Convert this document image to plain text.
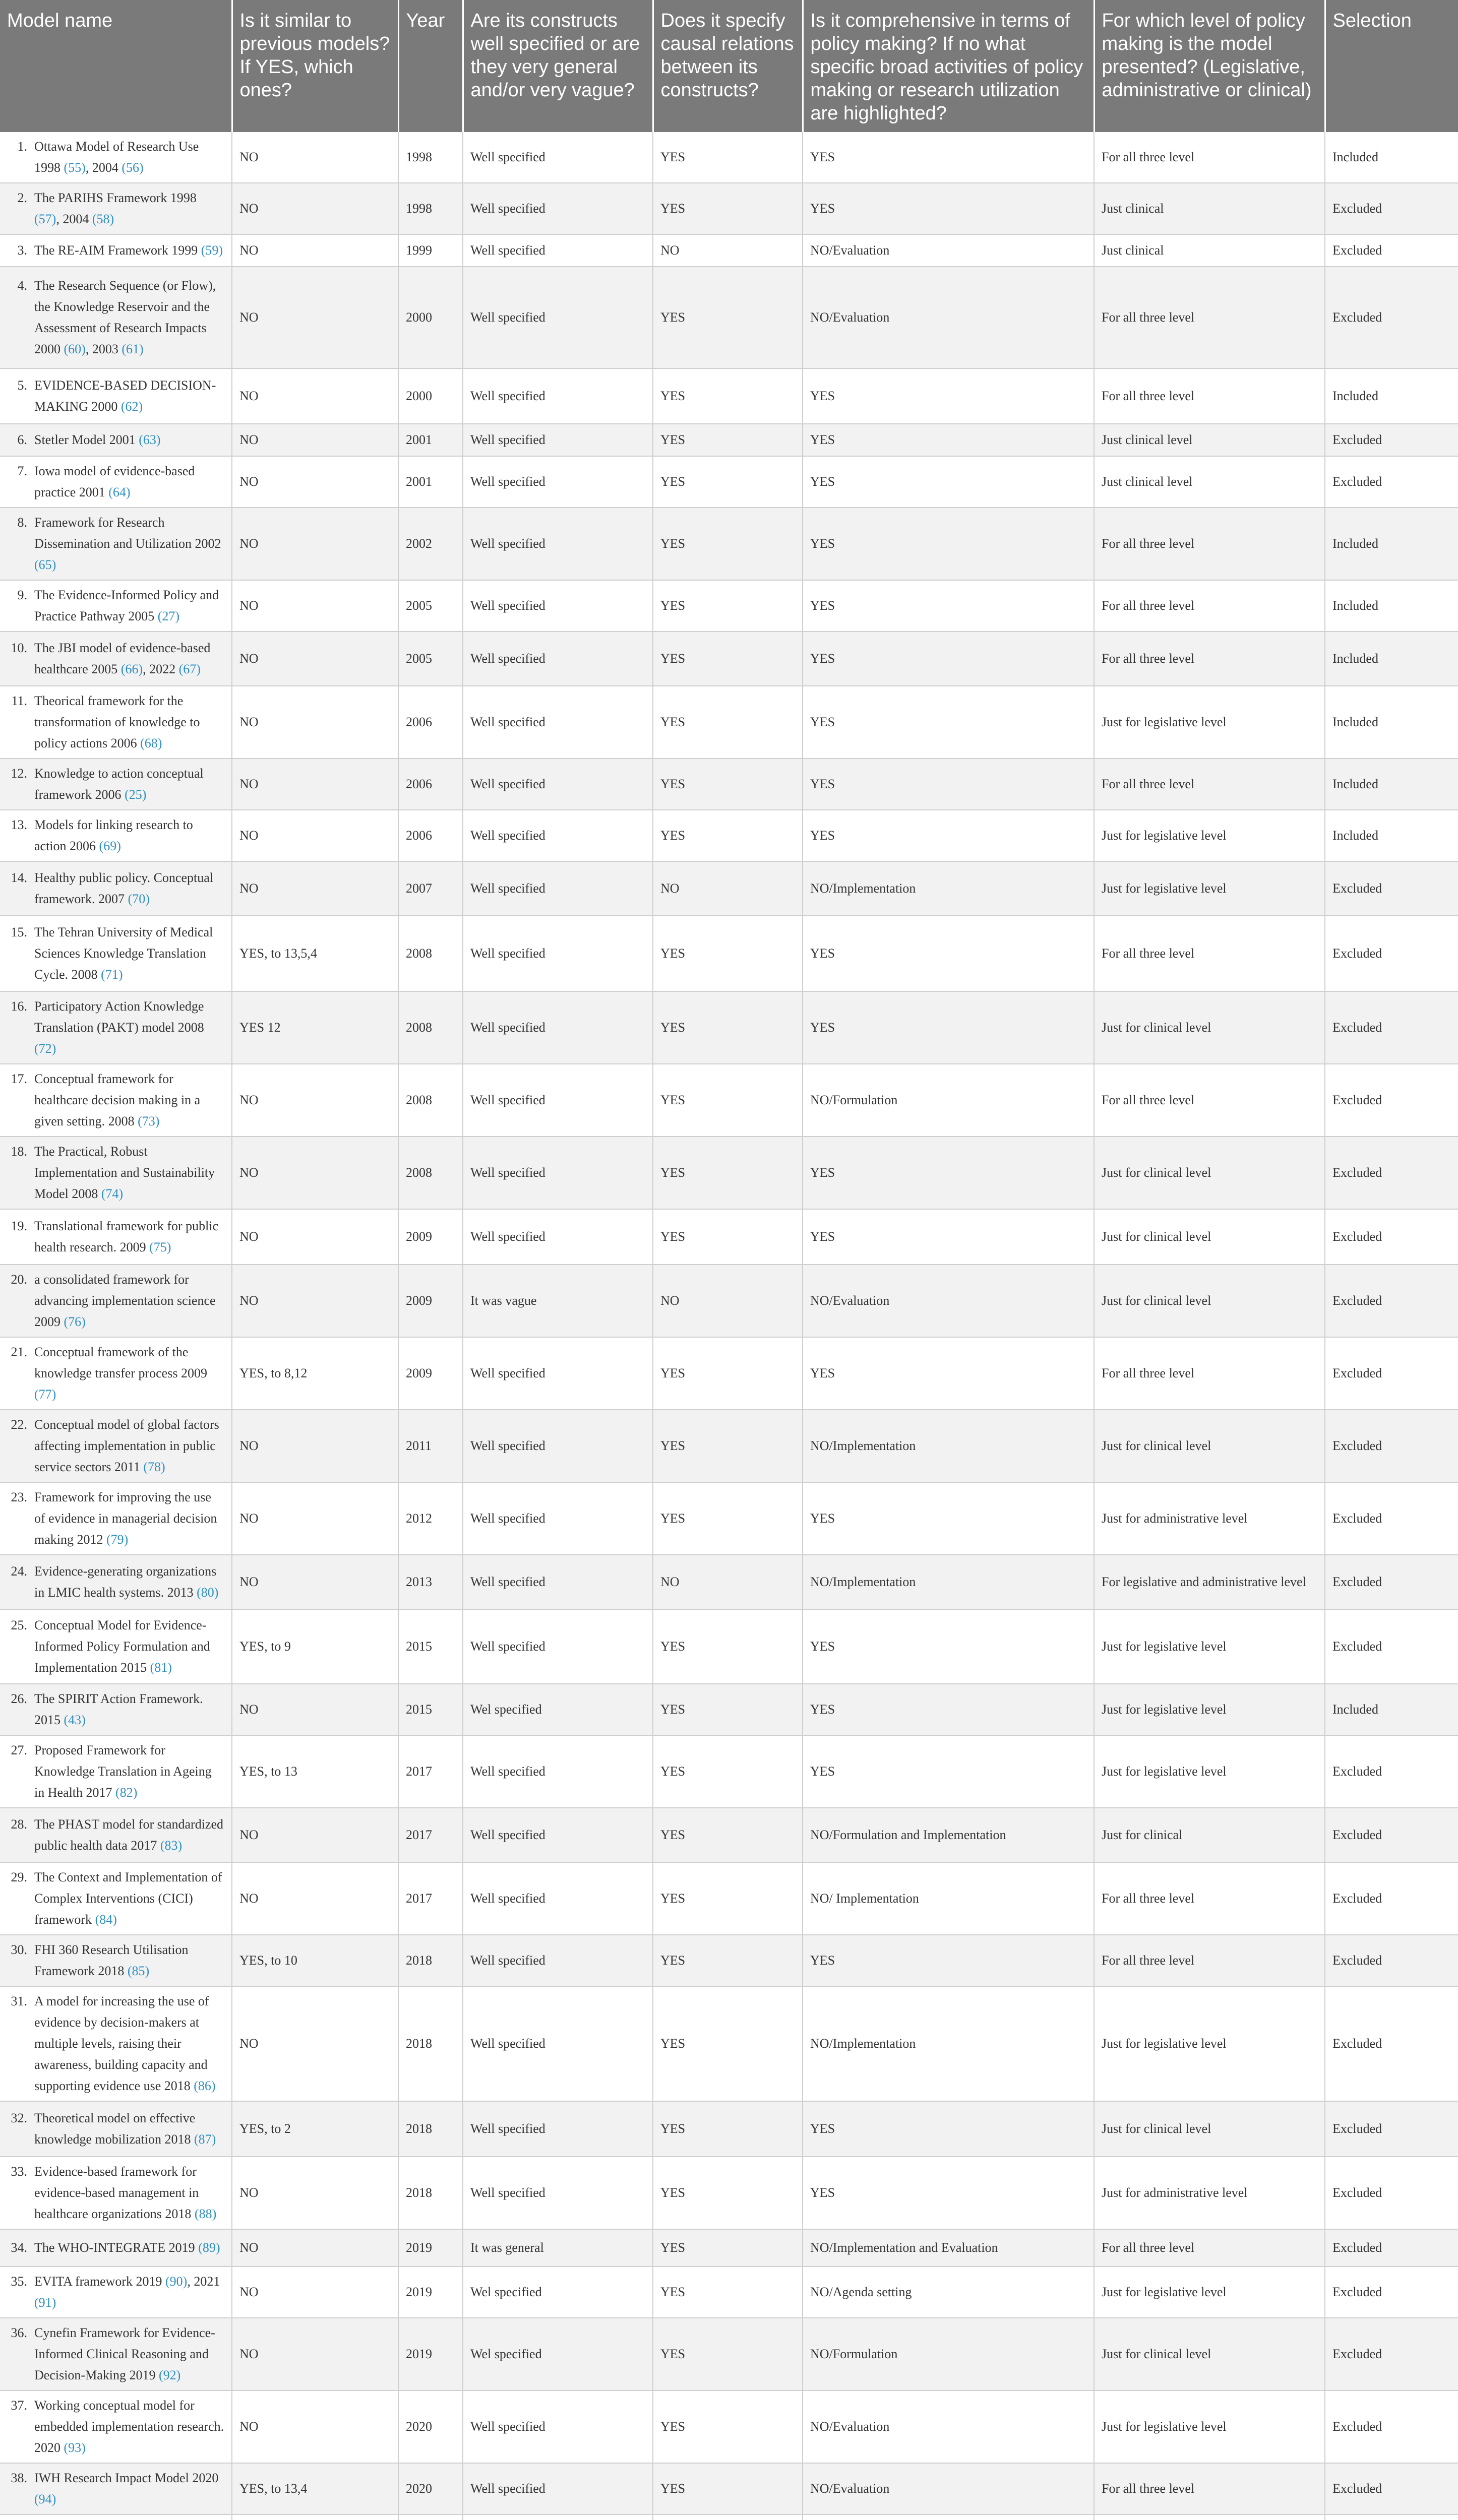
Model name	Is it similar to previous models? If YES, which ones?	Year	Are its constructs well specified or are they very general and/or very vague?	Does it specify causal relations between its constructs?	Is it comprehensive in terms of policy making? If no what specific broad activities of policy making or research utilization are highlighted?	For which level of policy making is the model presented? (Legislative, administrative or clinical)	Selection

1. Ottawa Model of Research Use 1998 (55), 2004 (56)	NO	1998	Well specified	YES	YES	For all three level	Included

2. The PARIHS Framework 1998 (57), 2004 (58)	NO	1998	Well specified	YES	YES	Just clinical	Excluded

3. The RE-AIM Framework 1999 (59)	NO	1999	Well specified	NO	NO/Evaluation	Just clinical	Excluded

4. The Research Sequence (or Flow), the Knowledge Reservoir and the Assessment of Research Impacts 2000 (60), 2003 (61)	NO	2000	Well specified	YES	NO/Evaluation	For all three level	Excluded

5. EVIDENCE-BASED DECISION-MAKING 2000 (62)	NO	2000	Well specified	YES	YES	For all three level	Included

6. Stetler Model 2001 (63)	NO	2001	Well specified	YES	YES	Just clinical level	Excluded

7. Iowa model of evidence-based practice 2001 (64)	NO	2001	Well specified	YES	YES	Just clinical level	Excluded

8. Framework for Research Dissemination and Utilization 2002 (65)	NO	2002	Well specified	YES	YES	For all three level	Included

9. The Evidence-Informed Policy and Practice Pathway 2005 (27)	NO	2005	Well specified	YES	YES	For all three level	Included

10. The JBI model of evidence-based healthcare 2005 (66), 2022 (67)	NO	2005	Well specified	YES	YES	For all three level	Included

11. Theorical framework for the transformation of knowledge to policy actions 2006 (68)	NO	2006	Well specified	YES	YES	Just for legislative level	Included

12. Knowledge to action conceptual framework 2006 (25)	NO	2006	Well specified	YES	YES	For all three level	Included

13. Models for linking research to action 2006 (69)	NO	2006	Well specified	YES	YES	Just for legislative level	Included

14. Healthy public policy. Conceptual framework. 2007 (70)	NO	2007	Well specified	NO	NO/Implementation	Just for legislative level	Excluded

15. The Tehran University of Medical Sciences Knowledge Translation Cycle. 2008 (71)	YES, to 13,5,4	2008	Well specified	YES	YES	For all three level	Excluded

16. Participatory Action Knowledge Translation (PAKT) model 2008 (72)	YES 12	2008	Well specified	YES	YES	Just for clinical level	Excluded

17. Conceptual framework for healthcare decision making in a given setting. 2008 (73)	NO	2008	Well specified	YES	NO/Formulation	For all three level	Excluded

18. The Practical, Robust Implementation and Sustainability Model 2008 (74)	NO	2008	Well specified	YES	YES	Just for clinical level	Excluded

19. Translational framework for public health research. 2009 (75)	NO	2009	Well specified	YES	YES	Just for clinical level	Excluded

20. a consolidated framework for advancing implementation science 2009 (76)	NO	2009	It was vague	NO	NO/Evaluation	Just for clinical level	Excluded

21. Conceptual framework of the knowledge transfer process 2009 (77)	YES, to 8,12	2009	Well specified	YES	YES	For all three level	Excluded

22. Conceptual model of global factors affecting implementation in public service sectors 2011 (78)	NO	2011	Well specified	YES	NO/Implementation	Just for clinical level	Excluded

23. Framework for improving the use of evidence in managerial decision making 2012 (79)	NO	2012	Well specified	YES	YES	Just for administrative level	Excluded

24. Evidence-generating organizations in LMIC health systems. 2013 (80)	NO	2013	Well specified	NO	NO/Implementation	For legislative and administrative level	Excluded

25. Conceptual Model for Evidence-Informed Policy Formulation and Implementation 2015 (81)	YES, to 9	2015	Well specified	YES	YES	Just for legislative level	Excluded

26. The SPIRIT Action Framework. 2015 (43)	NO	2015	Wel specified	YES	YES	Just for legislative level	Included

27. Proposed Framework for Knowledge Translation in Ageing in Health 2017 (82)	YES, to 13	2017	Well specified	YES	YES	Just for legislative level	Excluded

28. The PHAST model for standardized public health data 2017 (83)	NO	2017	Well specified	YES	NO/Formulation and Implementation	Just for clinical	Excluded

29. The Context and Implementation of Complex Interventions (CICI) framework (84)	NO	2017	Well specified	YES	NO/ Implementation	For all three level	Excluded

30. FHI 360 Research Utilisation Framework 2018 (85)	YES, to 10	2018	Well specified	YES	YES	For all three level	Excluded

31. A model for increasing the use of evidence by decision-makers at multiple levels, raising their awareness, building capacity and supporting evidence use 2018 (86)	NO	2018	Well specified	YES	NO/Implementation	Just for legislative level	Excluded

32. Theoretical model on effective knowledge mobilization 2018 (87)	YES, to 2	2018	Well specified	YES	YES	Just for clinical level	Excluded

33. Evidence-based framework for evidence-based management in healthcare organizations 2018 (88)	NO	2018	Well specified	YES	YES	Just for administrative level	Excluded

34. The WHO-INTEGRATE 2019 (89)	NO	2019	It was general	YES	NO/Implementation and Evaluation	For all three level	Excluded

35. EVITA framework 2019 (90), 2021 (91)	NO	2019	Wel specified	YES	NO/Agenda setting	Just for legislative level	Excluded

36. Cynefin Framework for Evidence-Informed Clinical Reasoning and Decision-Making 2019 (92)	NO	2019	Wel specified	YES	NO/Formulation	Just for clinical level	Excluded

37. Working conceptual model for embedded implementation research. 2020 (93)	NO	2020	Well specified	YES	NO/Evaluation	Just for legislative level	Excluded

38. IWH Research Impact Model 2020 (94)	YES, to 13,4	2020	Well specified	YES	NO/Evaluation	For all three level	Excluded
